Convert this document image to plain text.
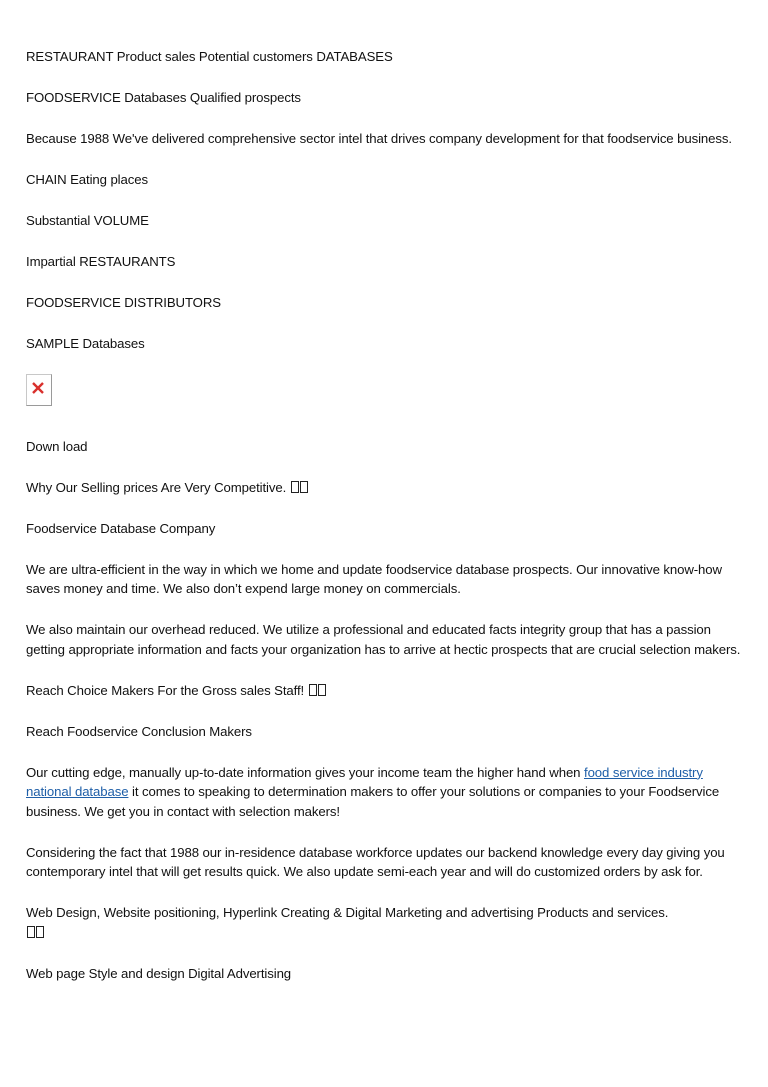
RESTAURANT Product sales Potential customers DATABASES

FOODSERVICE Databases Qualified prospects

Because 1988 We've delivered comprehensive sector intel that drives company development for that foodservice business.

CHAIN Eating places

Substantial VOLUME

Impartial RESTAURANTS

FOODSERVICE DISTRIBUTORS

SAMPLE Databases

Down load

Why Our Selling prices Are Very Competitive.

Foodservice Database Company

We are ultra-efficient in the way in which we home and update foodservice database prospects. Our innovative know-how saves money and time. We also don’t expend large money on commercials.

We also maintain our overhead reduced. We utilize a professional and educated facts integrity group that has a passion getting appropriate information and facts your organization has to arrive at hectic prospects that are crucial selection makers.

Reach Choice Makers For the Gross sales Staff!

Reach Foodservice Conclusion Makers

Our cutting edge, manually up-to-date information gives your income team the higher hand when food service industry national database it comes to speaking to determination makers to offer your solutions or companies to your Foodservice business. We get you in contact with selection makers!

Considering the fact that 1988 our in-residence database workforce updates our backend knowledge every day giving you contemporary intel that will get results quick. We also update semi-each year and will do customized orders by ask for.

Web Design, Website positioning, Hyperlink Creating & Digital Marketing and advertising Products and services.

Web page Style and design Digital Advertising
